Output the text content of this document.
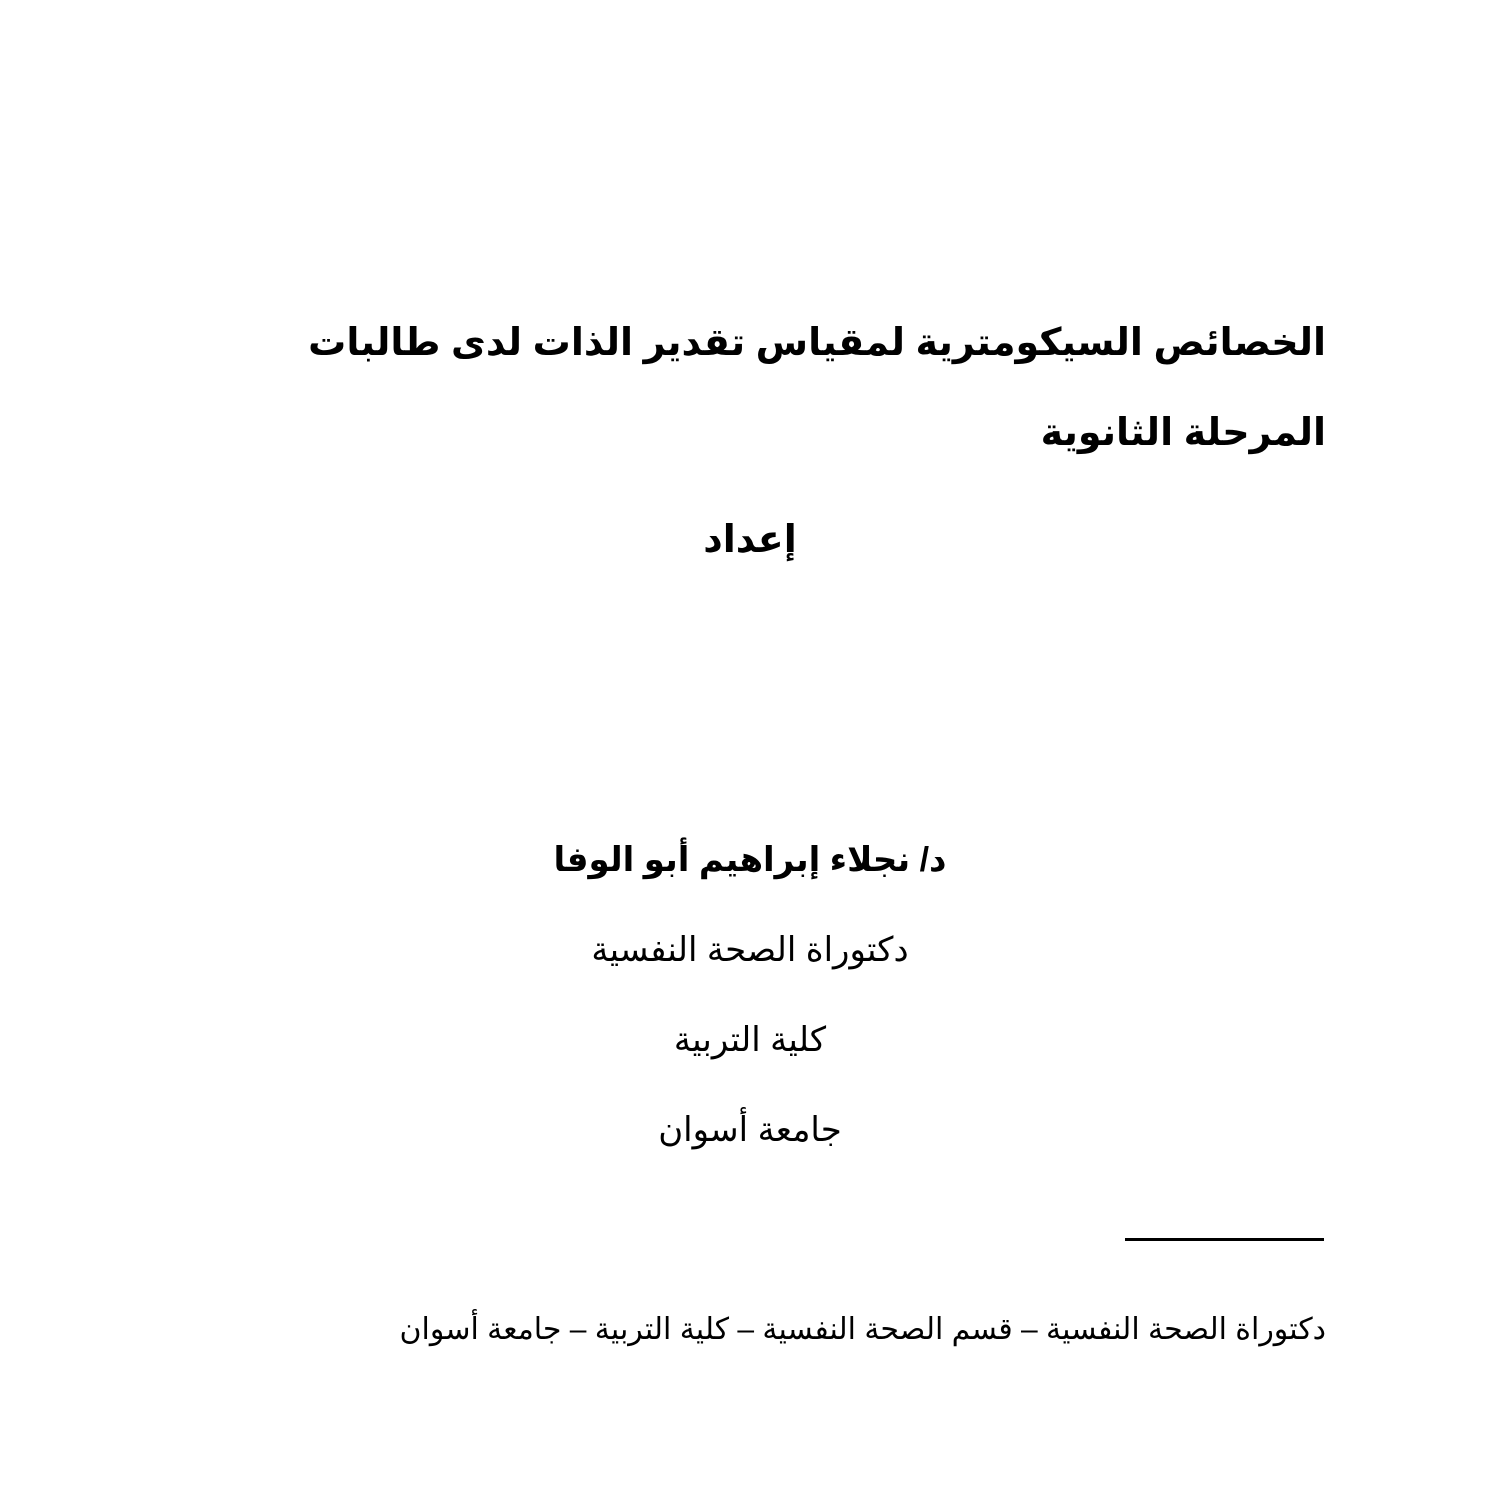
الخصائص السيكومترية لمقياس تقدير الذات لدى طالبات المرحلة الثانوية

إعداد

د/ نجلاء إبراهيم أبو الوفا

دكتوراة الصحة النفسية

كلية التربية

جامعة أسوان

دكتوراة الصحة النفسية – قسم الصحة النفسية – كلية التربية – جامعة أسوان
